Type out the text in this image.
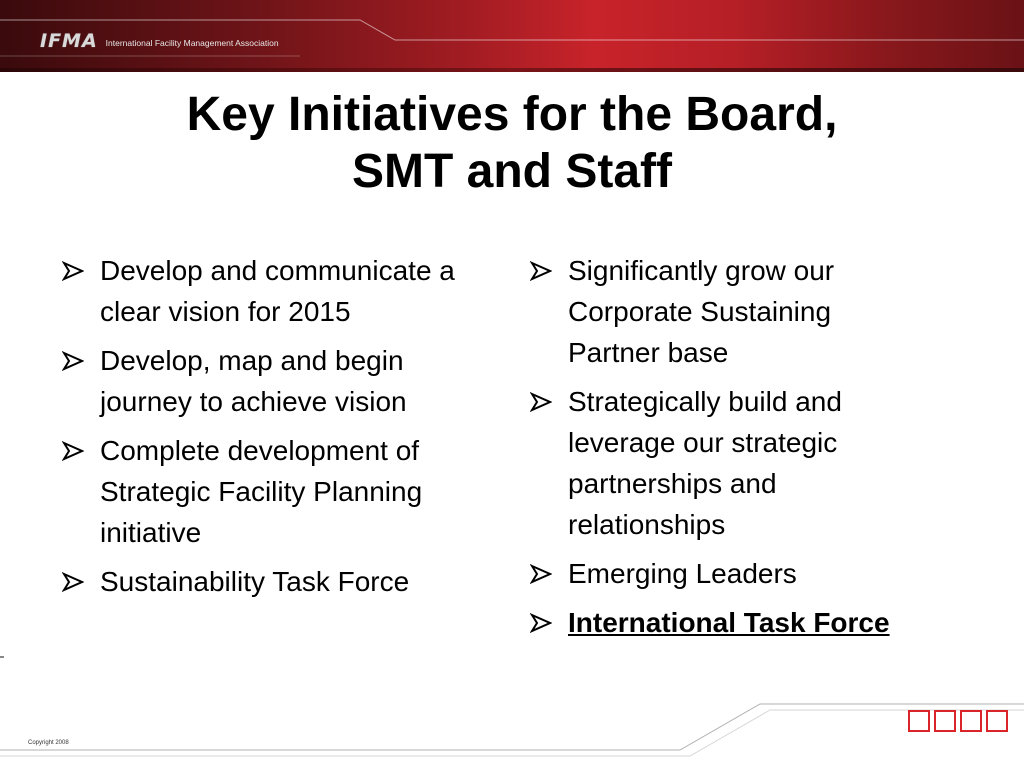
IFMA International Facility Management Association
Key Initiatives for the Board,
SMT and Staff
Develop and communicate a clear vision for 2015
Develop, map and begin journey to achieve vision
Complete development of Strategic Facility Planning initiative
Sustainability Task Force
Significantly grow our Corporate Sustaining Partner base
Strategically build and leverage our strategic partnerships and relationships
Emerging Leaders
International Task Force
Copyright 2008
